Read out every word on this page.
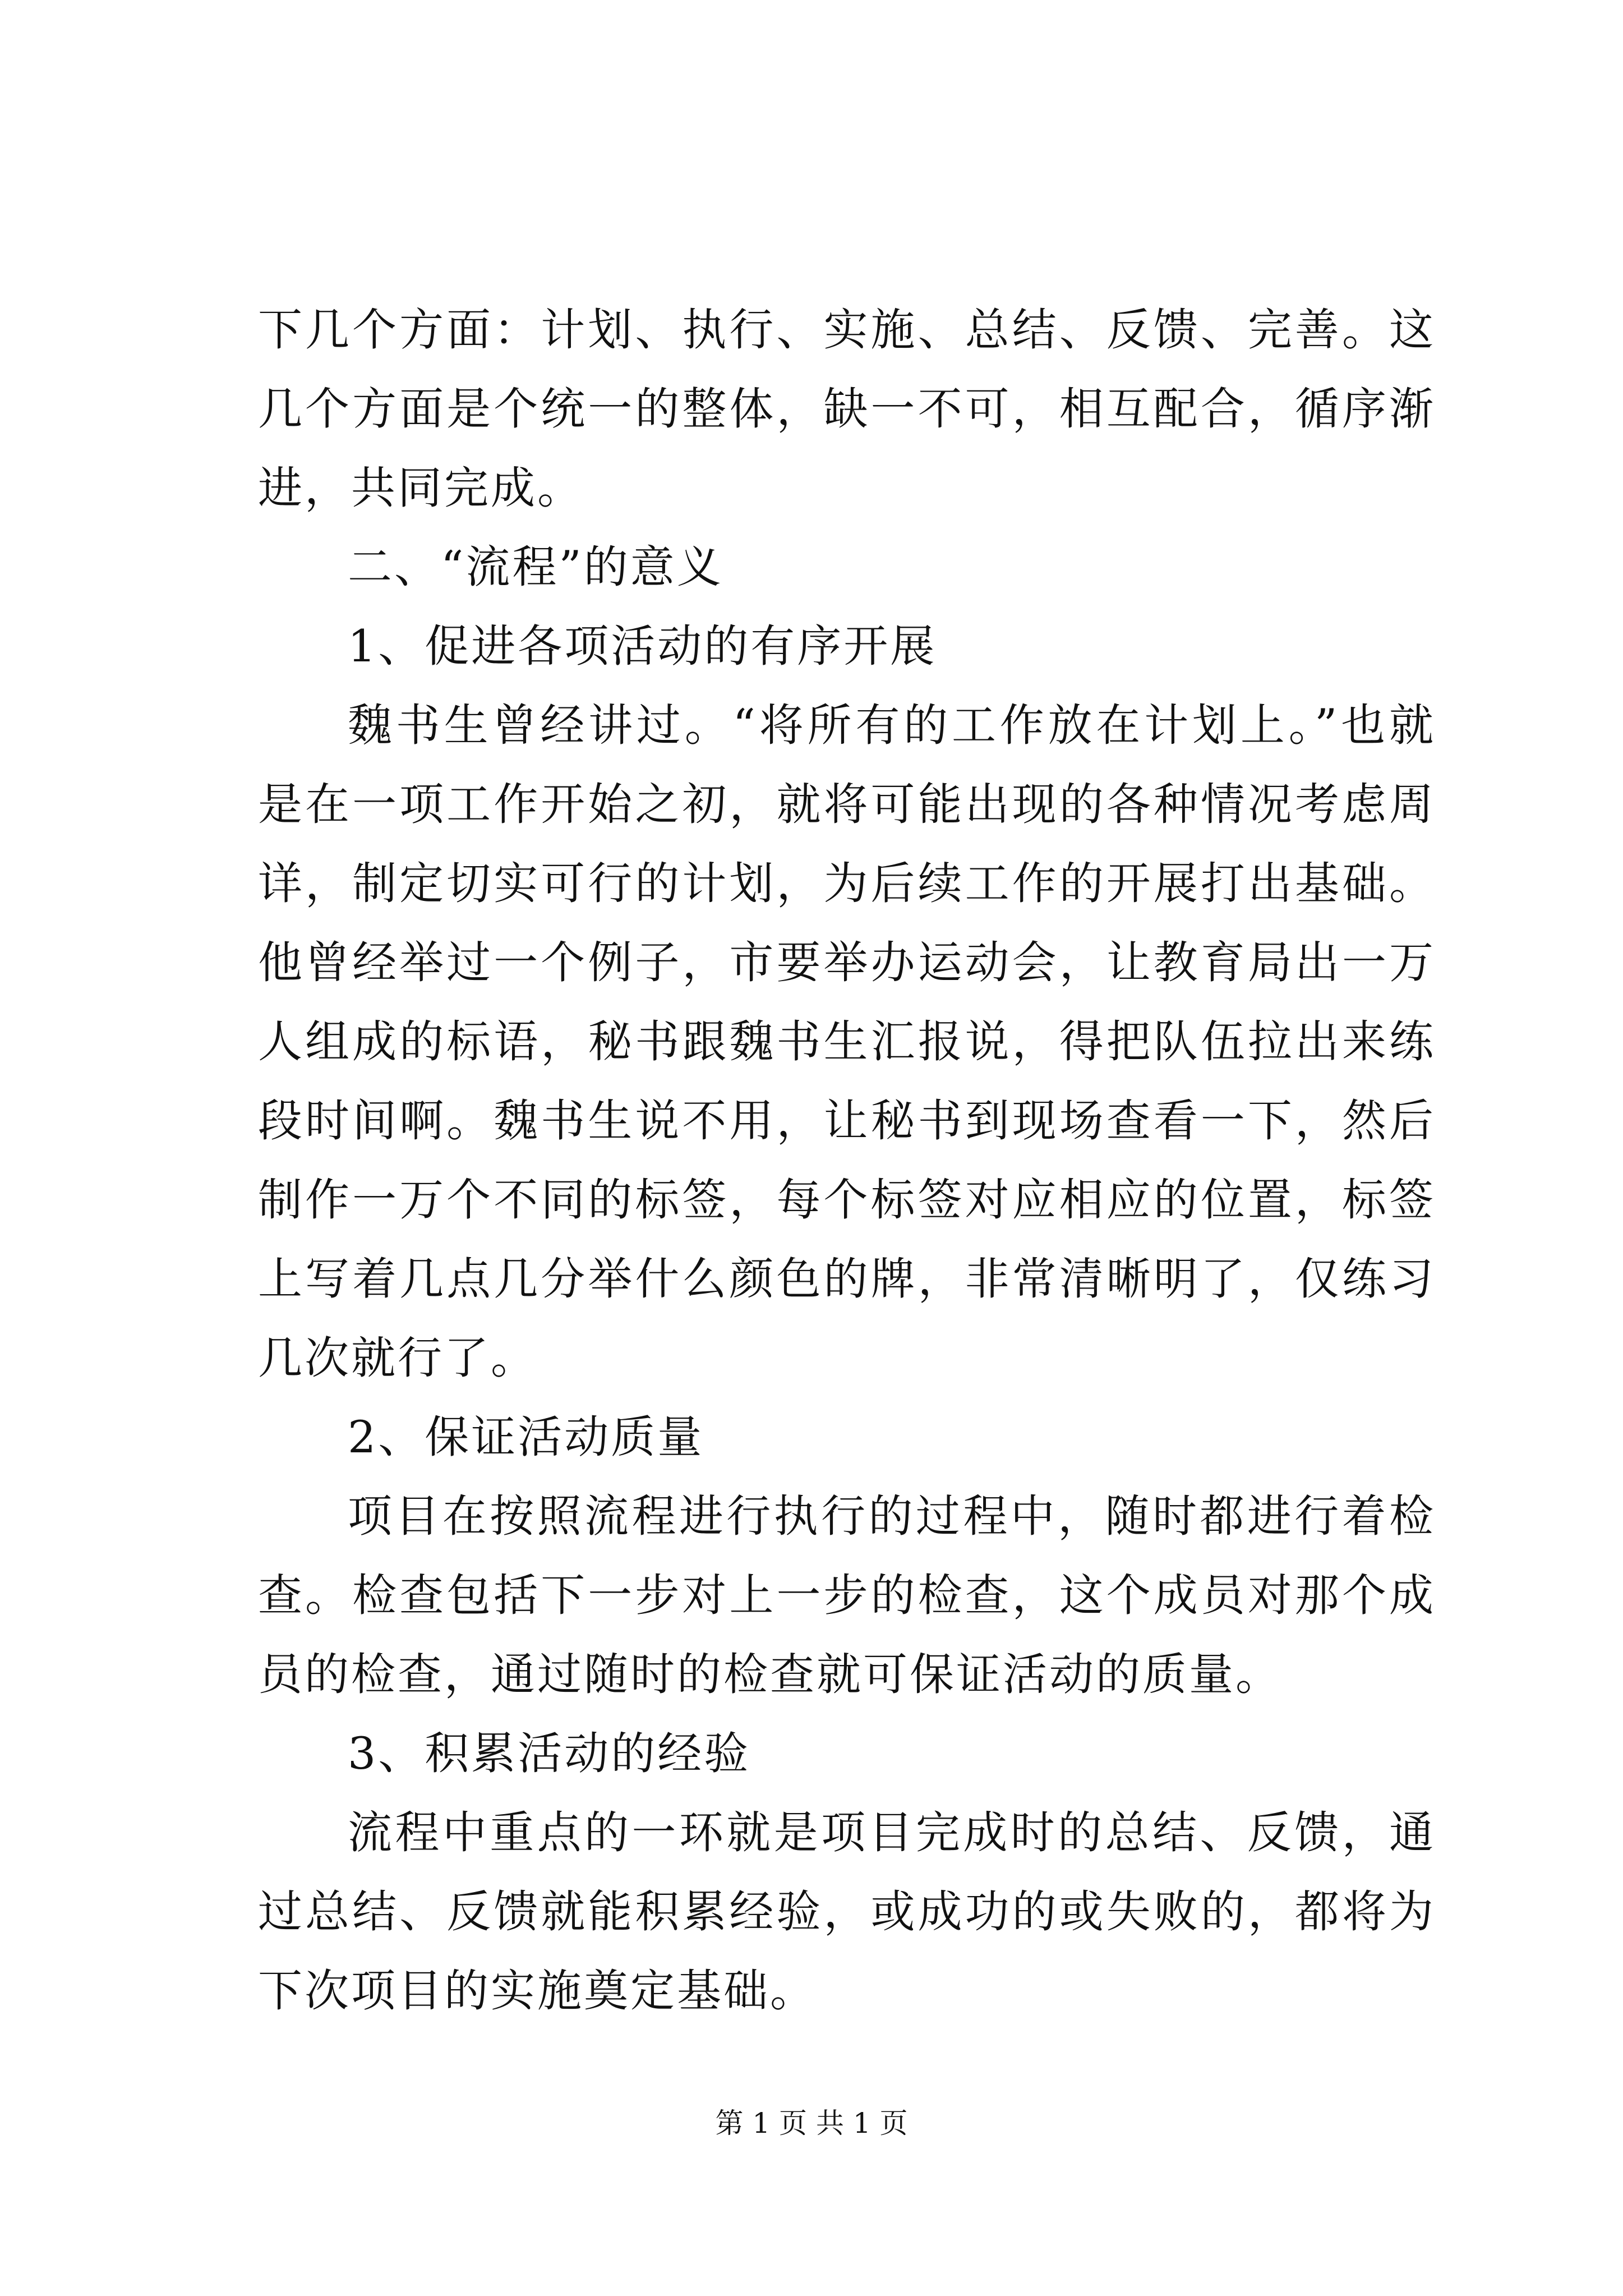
下几个方面：计划、执行、实施、总结、反馈、完善。这几个方面是个统一的整体，缺一不可，相互配合，循序渐进，共同完成。

二、“流程”的意义

1、促进各项活动的有序开展

魏书生曾经讲过。“将所有的工作放在计划上。”也就是在一项工作开始之初，就将可能出现的各种情况考虑周详，制定切实可行的计划，为后续工作的开展打出基础。他曾经举过一个例子，市要举办运动会，让教育局出一万人组成的标语，秘书跟魏书生汇报说，得把队伍拉出来练段时间啊。魏书生说不用，让秘书到现场查看一下，然后制作一万个不同的标签，每个标签对应相应的位置，标签上写着几点几分举什么颜色的牌，非常清晰明了，仅练习几次就行了。

2、保证活动质量

项目在按照流程进行执行的过程中，随时都进行着检查。检查包括下一步对上一步的检查，这个成员对那个成员的检查，通过随时的检查就可保证活动的质量。

3、积累活动的经验

流程中重点的一环就是项目完成时的总结、反馈，通过总结、反馈就能积累经验，或成功的或失败的，都将为下次项目的实施奠定基础。

第 1 页 共 1 页
